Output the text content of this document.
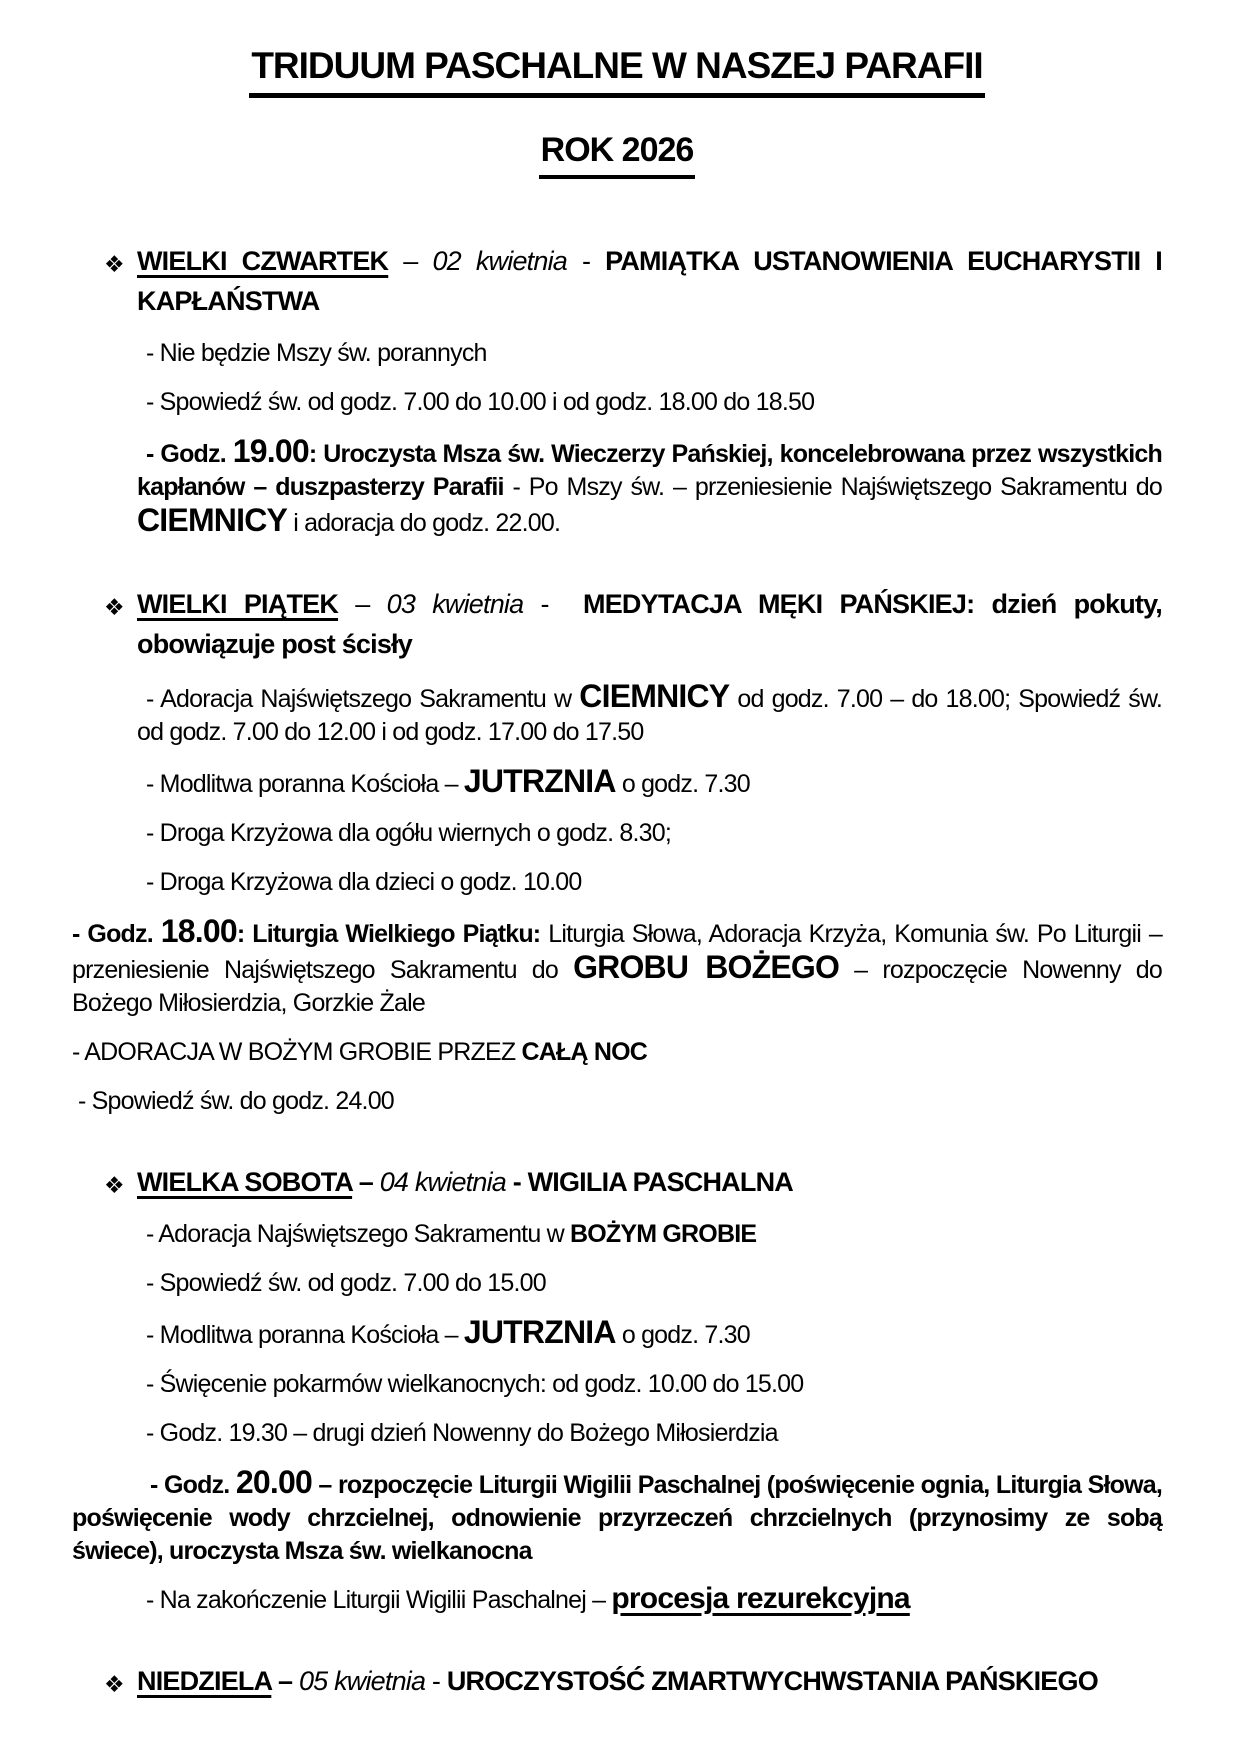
TRIDUUM PASCHALNE W NASZEJ PARAFII
ROK 2026
❖ WIELKI CZWARTEK – 02 kwietnia - PAMIĄTKA USTANOWIENIA EUCHARYSTII I KAPŁAŃSTWA
- Nie będzie Mszy św. porannych
- Spowiedź św. od godz. 7.00 do 10.00 i od godz. 18.00 do 18.50
- Godz. 19.00: Uroczysta Msza św. Wieczerzy Pańskiej, koncelebrowana przez wszystkich kapłanów – duszpasterzy Parafii - Po Mszy św. – przeniesienie Najświętszego Sakramentu do CIEMNICY i adoracja do godz. 22.00.
❖ WIELKI PIĄTEK – 03 kwietnia -  MEDYTACJA MĘKI PAŃSKIEJ: dzień pokuty, obowiązuje post ścisły
- Adoracja Najświętszego Sakramentu w CIEMNICY od godz. 7.00 – do 18.00; Spowiedź św. od godz. 7.00 do 12.00 i od godz. 17.00 do 17.50
- Modlitwa poranna Kościoła – JUTRZNIA o godz. 7.30
- Droga Krzyżowa dla ogółu wiernych o godz. 8.30;
- Droga Krzyżowa dla dzieci o godz. 10.00
- Godz. 18.00: Liturgia Wielkiego Piątku: Liturgia Słowa, Adoracja Krzyża, Komunia św. Po Liturgii – przeniesienie Najświętszego Sakramentu do GROBU BOŻEGO – rozpoczęcie Nowenny do Bożego Miłosierdzia, Gorzkie Żale
- ADORACJA W BOŻYM GROBIE PRZEZ CAŁĄ NOC
- Spowiedź św. do godz. 24.00
❖ WIELKA SOBOTA – 04 kwietnia - WIGILIA PASCHALNA
- Adoracja Najświętszego Sakramentu w BOŻYM GROBIE
- Spowiedź św. od godz. 7.00 do 15.00
- Modlitwa poranna Kościoła – JUTRZNIA o godz. 7.30
- Święcenie pokarmów wielkanocnych: od godz. 10.00 do 15.00
- Godz. 19.30 – drugi dzień Nowenny do Bożego Miłosierdzia
- Godz. 20.00 – rozpoczęcie Liturgii Wigilii Paschalnej (poświęcenie ognia, Liturgia Słowa, poświęcenie wody chrzcielnej, odnowienie przyrzeczeń chrzcielnych (przynosimy ze sobą świece), uroczysta Msza św. wielkanocna
- Na zakończenie Liturgii Wigilii Paschalnej – procesja rezurekcyjna
❖ NIEDZIELA – 05 kwietnia - UROCZYSTOŚĆ ZMARTWYCHWSTANIA PAŃSKIEGO
